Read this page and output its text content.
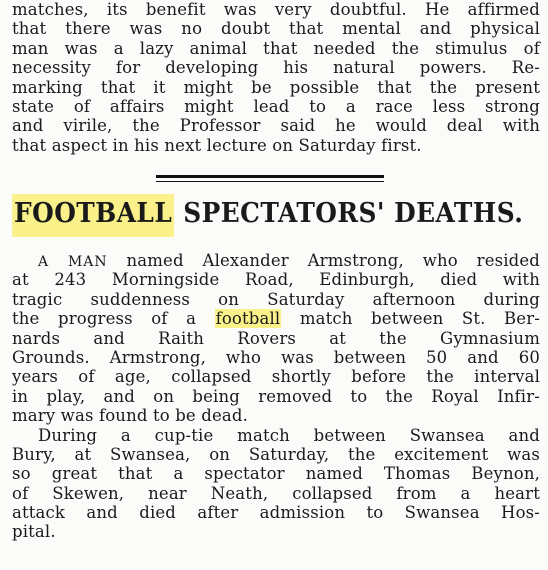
matches, its benefit was very doubtful. He affirmed
that there was no doubt that mental and physical
man was a lazy animal that needed the stimulus of
necessity for developing his natural powers. Re-
marking that it might be possible that the present
state of affairs might lead to a race less strong
and virile, the Professor said he would deal with
that aspect in his next lecture on Saturday first.
FOOTBALL SPECTATORS' DEATHS.
A MAN named Alexander Armstrong, who resided
at 243 Morningside Road, Edinburgh, died with
tragic suddenness on Saturday afternoon during
the progress of a football match between St. Ber-
nards and Raith Rovers at the Gymnasium
Grounds. Armstrong, who was between 50 and 60
years of age, collapsed shortly before the interval
in play, and on being removed to the Royal Infir-
mary was found to be dead.
During a cup-tie match between Swansea and
Bury, at Swansea, on Saturday, the excitement was
so great that a spectator named Thomas Beynon,
of Skewen, near Neath, collapsed from a heart
attack and died after admission to Swansea Hos-
pital.
